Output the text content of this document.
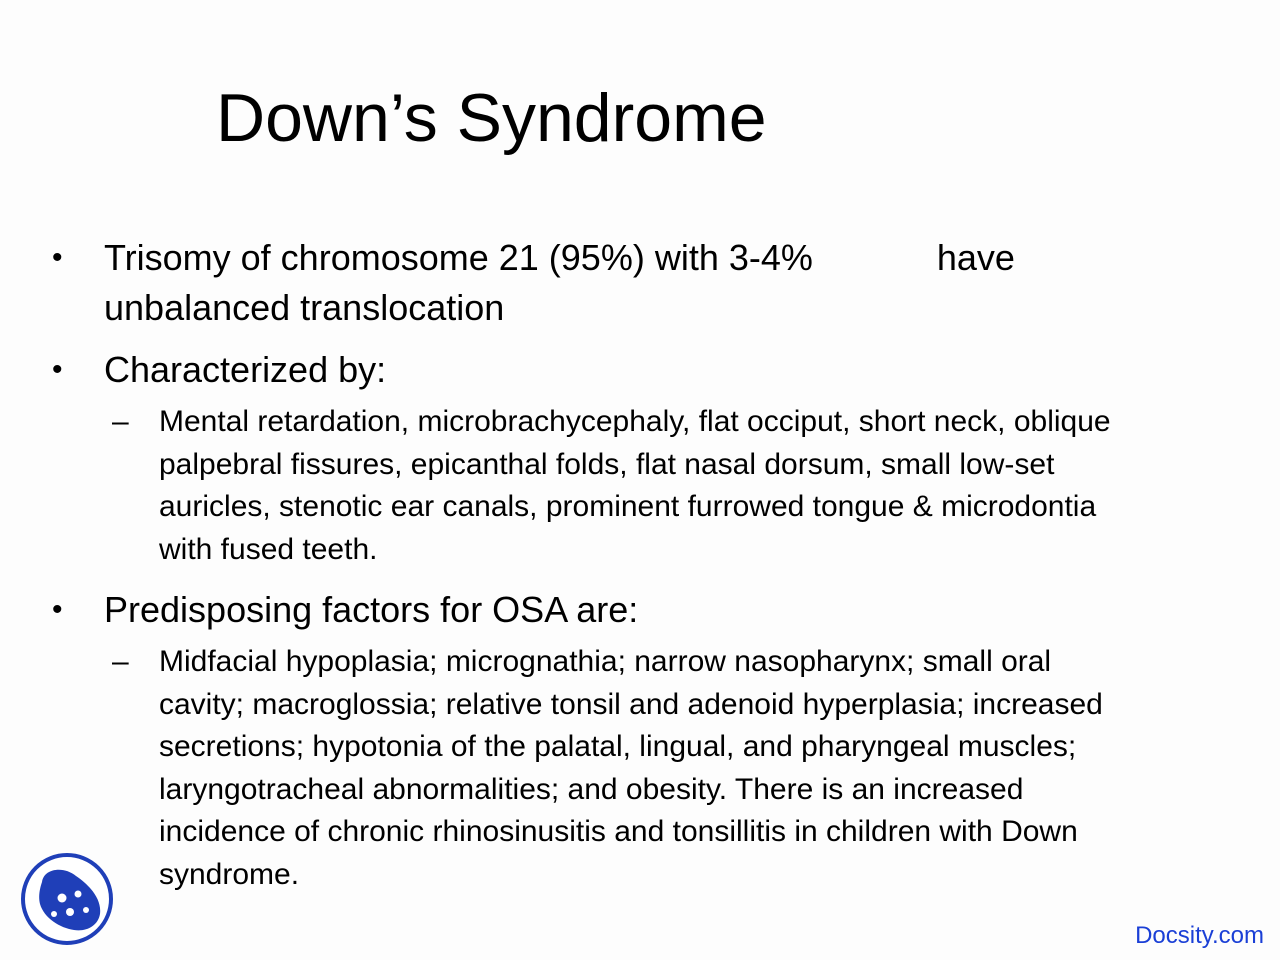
Down’s Syndrome
• Trisomy of chromosome 21 (95%) with 3-4%	have
unbalanced translocation
• Characterized by:
– Mental retardation, microbrachycephaly, flat occiput, short neck, oblique
palpebral fissures, epicanthal folds, flat nasal dorsum, small low-set
auricles, stenotic ear canals, prominent furrowed tongue & microdontia
with fused teeth.
• Predisposing factors for OSA are:
– Midfacial hypoplasia; micrognathia; narrow nasopharynx; small oral
cavity; macroglossia; relative tonsil and adenoid hyperplasia; increased
secretions; hypotonia of the palatal, lingual, and pharyngeal muscles;
laryngotracheal abnormalities; and obesity. There is an increased
incidence of chronic rhinosinusitis and tonsillitis in children with Down
syndrome.
Docsity.com
